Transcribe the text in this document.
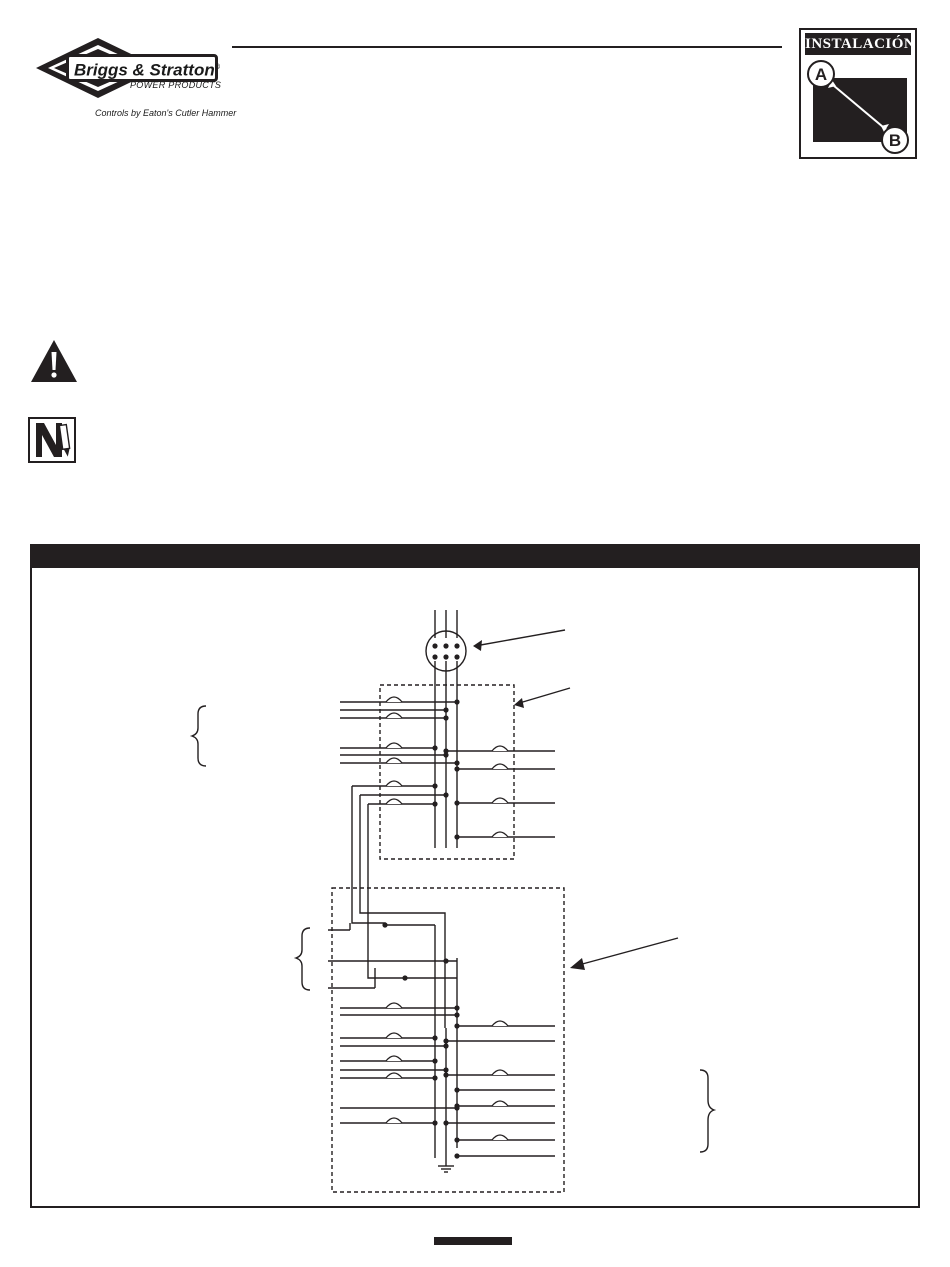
Briggs & Stratton®
POWER PRODUCTS
Controls by Eaton's Cutler Hammer
INSTALACIÓN
A
B
